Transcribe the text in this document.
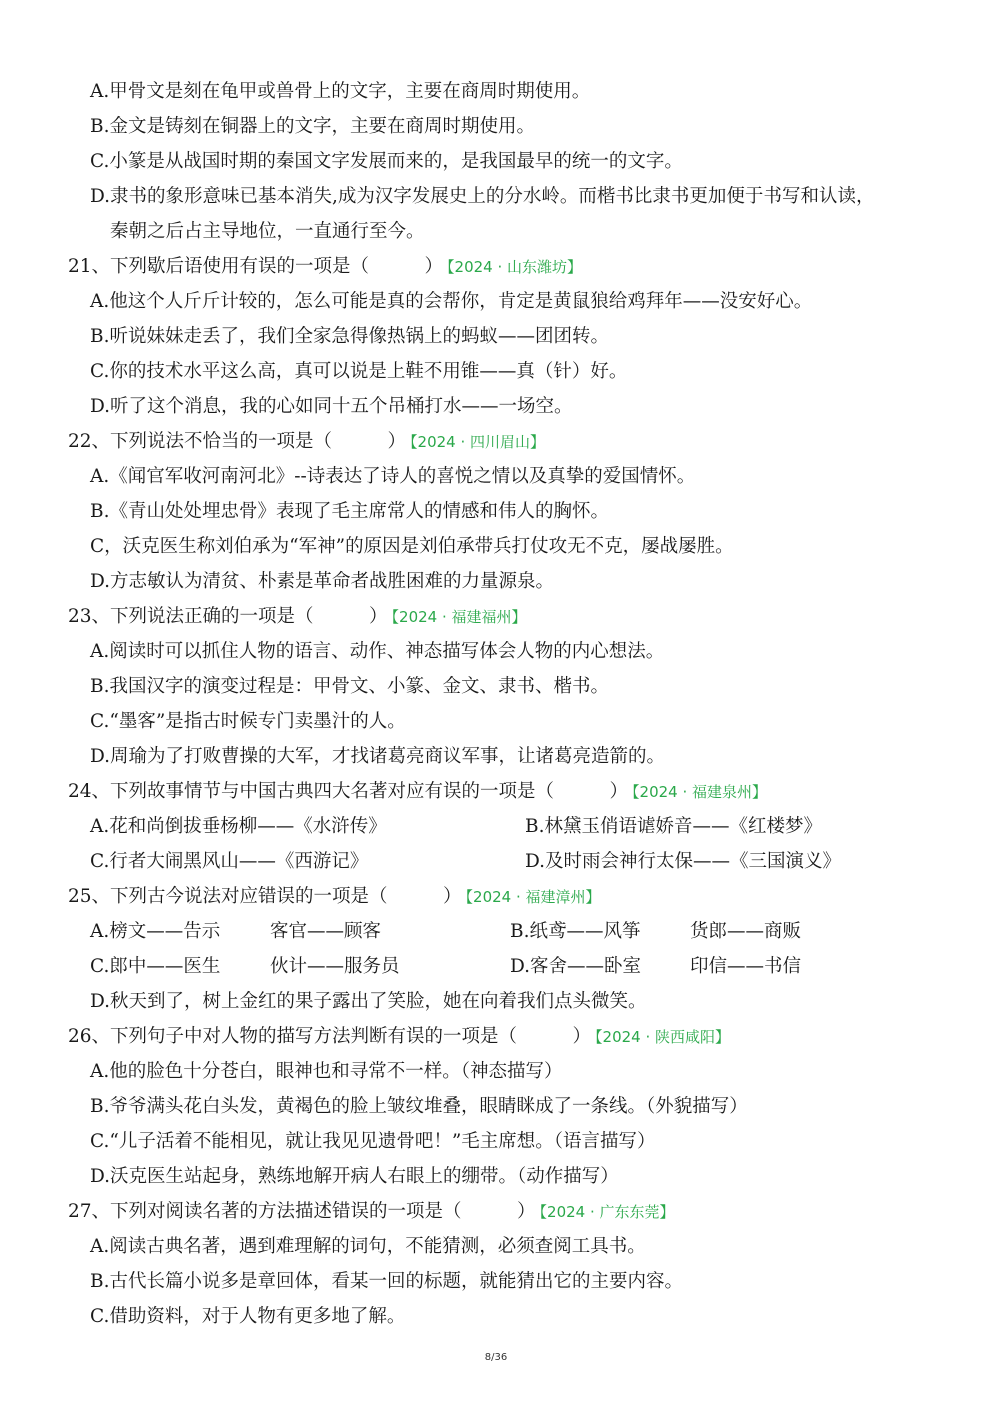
A.甲骨文是刻在龟甲或兽骨上的文字，主要在商周时期使用。
B.金文是铸刻在铜器上的文字，主要在商周时期使用。
C.小篆是从战国时期的秦国文字发展而来的，是我国最早的统一的文字。
D.隶书的象形意味已基本消失,成为汉字发展史上的分水岭。而楷书比隶书更加便于书写和认读，
秦朝之后占主导地位，一直通行至今。
21、下列歇后语使用有误的一项是（　　　） 【2024 · 山东潍坊】
A.他这个人斤斤计较的，怎么可能是真的会帮你，肯定是黄鼠狼给鸡拜年——没安好心。
B.听说妹妹走丢了，我们全家急得像热锅上的蚂蚁——团团转。
C.你的技术水平这么高，真可以说是上鞋不用锥——真（针）好。
D.听了这个消息，我的心如同十五个吊桶打水——一场空。
22、下列说法不恰当的一项是（　　　） 【2024 · 四川眉山】
A.《闻官军收河南河北》--诗表达了诗人的喜悦之情以及真挚的爱国情怀。
B.《青山处处埋忠骨》表现了毛主席常人的情感和伟人的胸怀。
C，沃克医生称刘伯承为“军神”的原因是刘伯承带兵打仗攻无不克，屡战屡胜。
D.方志敏认为清贫、朴素是革命者战胜困难的力量源泉。
23、下列说法正确的一项是（　　　） 【2024 · 福建福州】
A.阅读时可以抓住人物的语言、动作、神态描写体会人物的内心想法。
B.我国汉字的演变过程是：甲骨文、小篆、金文、隶书、楷书。
C.“墨客”是指古时候专门卖墨汁的人。
D.周瑜为了打败曹操的大军，才找诸葛亮商议军事，让诸葛亮造箭的。
24、下列故事情节与中国古典四大名著对应有误的一项是（　　　） 【2024 · 福建泉州】
A.花和尚倒拔垂杨柳——《水浒传》	B.林黛玉俏语谑娇音——《红楼梦》
C.行者大闹黑风山——《西游记》	D.及时雨会神行太保——《三国演义》
25、下列古今说法对应错误的一项是（　　　） 【2024 · 福建漳州】
A.榜文——告示	客官——顾客	B.纸鸢——风筝	货郎——商贩
C.郎中——医生	伙计——服务员	D.客舍——卧室	印信——书信
D.秋天到了，树上金红的果子露出了笑脸，她在向着我们点头微笑。
26、下列句子中对人物的描写方法判断有误的一项是（　　　） 【2024 · 陕西咸阳】
A.他的脸色十分苍白，眼神也和寻常不一样。（神态描写）
B.爷爷满头花白头发，黄褐色的脸上皱纹堆叠，眼睛眯成了一条线。（外貌描写）
C.“儿子活着不能相见，就让我见见遗骨吧！”毛主席想。（语言描写）
D.沃克医生站起身，熟练地解开病人右眼上的绷带。（动作描写）
27、下列对阅读名著的方法描述错误的一项是（　　　） 【2024 · 广东东莞】
A.阅读古典名著，遇到难理解的词句，不能猜测，必须查阅工具书。
B.古代长篇小说多是章回体，看某一回的标题，就能猜出它的主要内容。
C.借助资料，对于人物有更多地了解。
8/36
